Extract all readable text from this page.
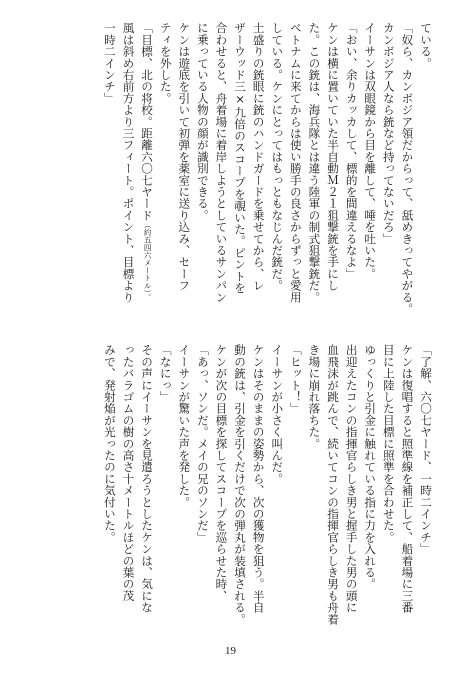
ている。
「奴ら、カンボジア領だからって、舐めきってやがる。
カンボジア人なら銃など持ってないだろ」
イーサンは双眼鏡から目を離して、唾を吐いた。
「おい、余りカッカして、標的を間違えるなよ」
ケンは横に置いていた半自動Ｍ２１狙撃銃を手にし
た。この銃は、海兵隊とは違う陸軍の制式狙撃銃だ。
ベトナムに来てからは使い勝手の良さからずっと愛用
している。ケンにとってはもっともなじんだ銃だ。
土盛りの銃眼に銃のハンドガードを乗せてから、レ
ザーウッド三×九倍のスコープを覗いた。ピントを
合わせると、舟着場に着岸しようとしているサンパン
に乗っている人物の顔が識別できる。
ケンは遊底を引いて初弾を薬室に送り込み、セーフ
ティを外した。
「目標、北の将校。距離六〇七ヤード（約五四六メートル）。
風は斜め右前方より三フィート。ポイント、目標より
一時二インチ」
「了解、六〇七ヤード、一時二インチ」
ケンは復唱すると照準線を補正して、船着場に三番
目に上陸した目標に照準を合わせた。
ゆっくりと引金に触れている指に力を入れる。
出迎えたコンの指揮官らしき男と握手した男の頭に
血飛沫が跳んで、続いてコンの指揮官らしき男も舟着
き場に崩れ落ちた。
「ヒット！」
イーサンが小さく叫んだ。
ケンはそのままの姿勢から、次の獲物を狙う。半自
動の銃は、引金を引くだけで次の弾丸が装填される。
ケンが次の目標を探してスコープを巡らせた時、
「あっ、ソンだ。メイの兄のソンだ」
イーサンが驚いた声を発した。
「なにっ」
その声にイーサンを見遣ろうとしたケンは、気にな
ったバラゴムの樹の高さ十メートルほどの葉の茂
みで、発射焔が光ったのに気付いた。
19
